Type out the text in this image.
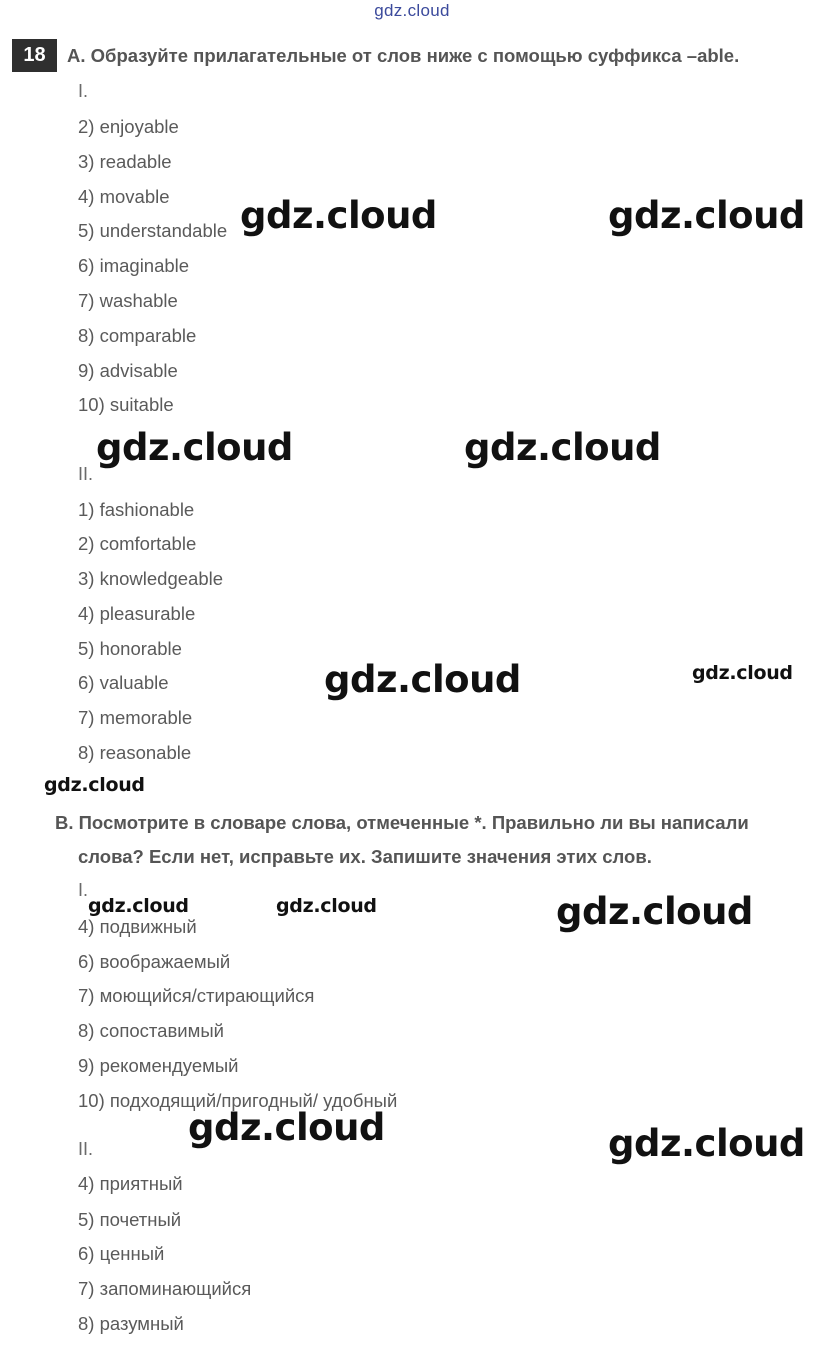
gdz.cloud
18	A. Образуйте прилагательные от слов ниже с помощью суффикса –able.
I.
2) enjoyable
3) readable
4) movable
5) understandable
6) imaginable
7) washable
8) comparable
9) advisable
10) suitable
II.
1) fashionable
2) comfortable
3) knowledgeable
4) pleasurable
5) honorable
6) valuable
7) memorable
8) reasonable
B. Посмотрите в словаре слова, отмеченные *. Правильно ли вы написали
слова? Если нет, исправьте их. Запишите значения этих слов.
I.
4) подвижный
6) воображаемый
7) моющийся/стирающийся
8) сопоставимый
9) рекомендуемый
10) подходящий/пригодный/ удобный
II.
4) приятный
5) почетный
6) ценный
7) запоминающийся
8) разумный
gdz.cloud	gdz.cloud
gdz.cloud	gdz.cloud
gdz.cloud	gdz.cloud
gdz.cloud
gdz.cloud	gdz.cloud	gdz.cloud
gdz.cloud	gdz.cloud
